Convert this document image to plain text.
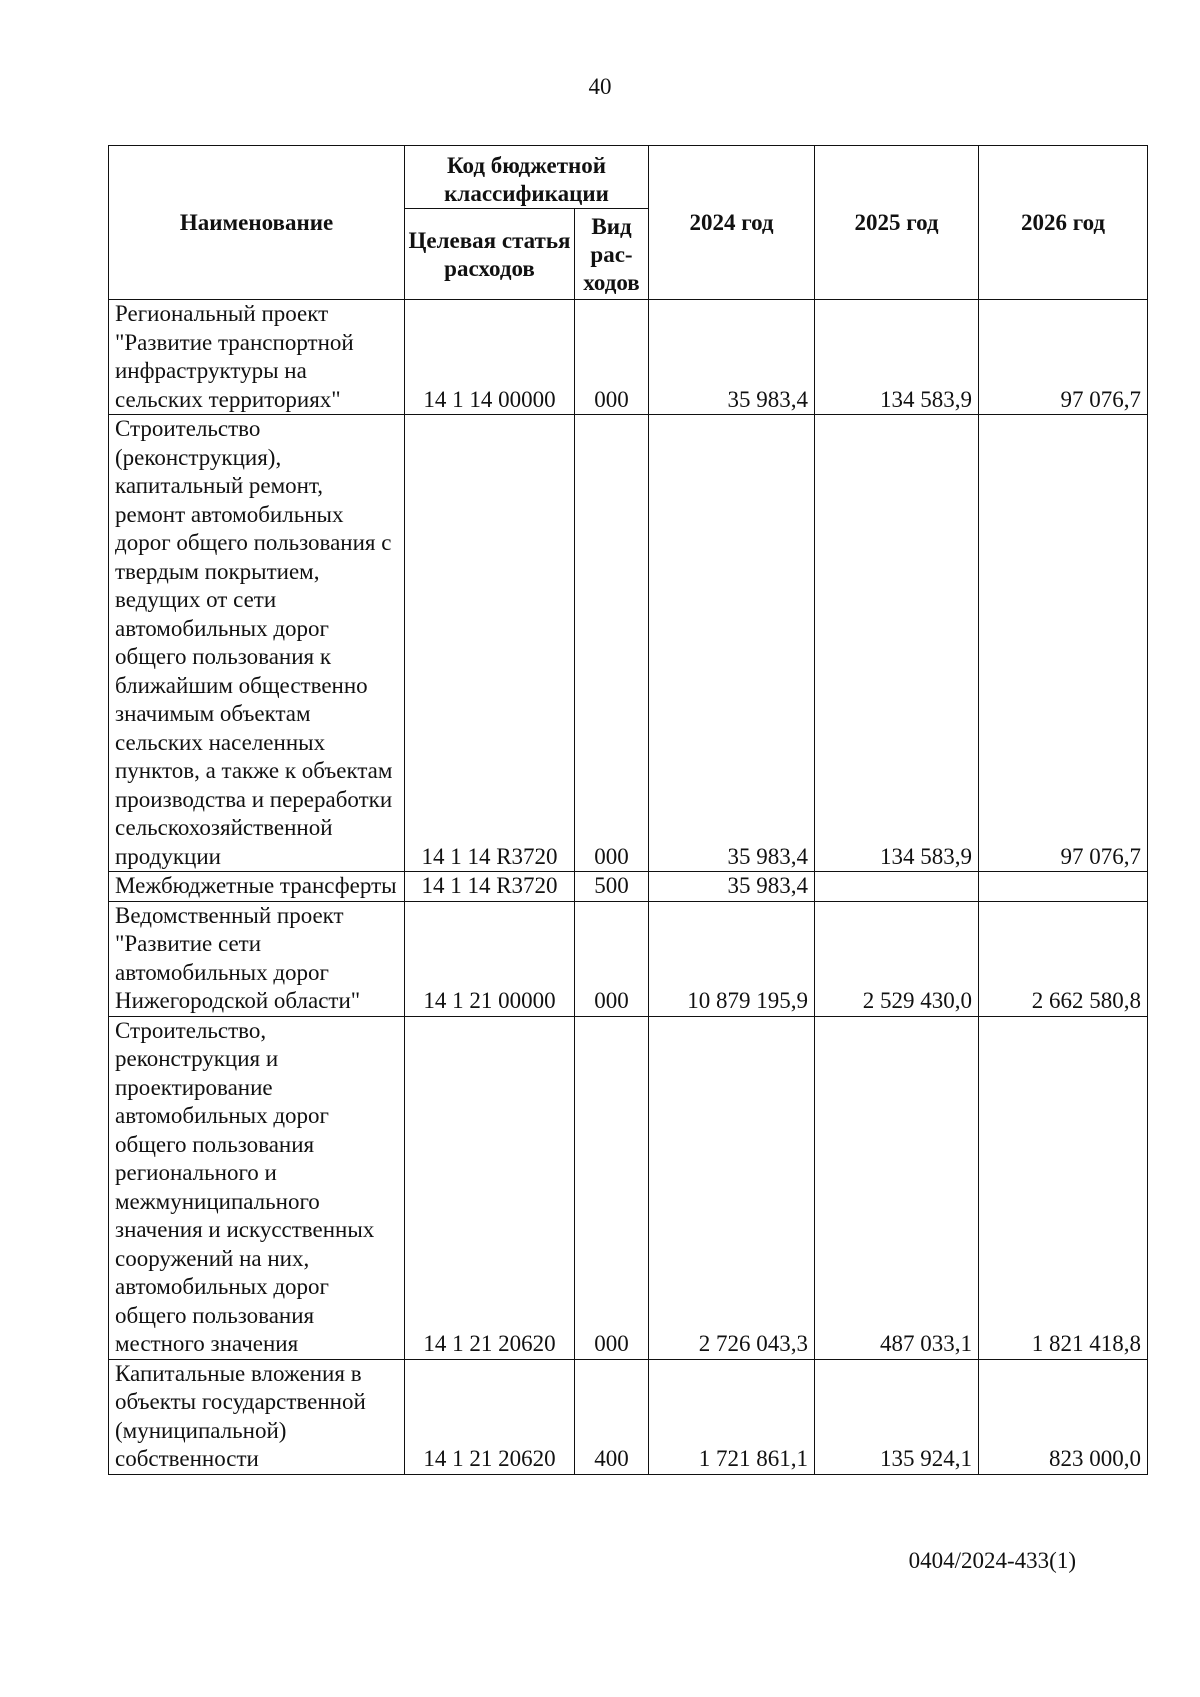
40
Наименование	Код бюджетной классификации		2024 год	2025 год	2026 год
	Целевая статья расходов	Вид рас-ходов			
Региональный проект "Развитие транспортной инфраструктуры на сельских территориях"	14 1 14 00000	000	35 983,4	134 583,9	97 076,7
Строительство (реконструкция), капитальный ремонт, ремонт автомобильных дорог общего пользования с твердым покрытием, ведущих от сети автомобильных дорог общего пользования к ближайшим общественно значимым объектам сельских населенных пунктов, а также к объектам производства и переработки сельскохозяйственной продукции	14 1 14 R3720	000	35 983,4	134 583,9	97 076,7
Межбюджетные трансферты	14 1 14 R3720	500	35 983,4		
Ведомственный проект "Развитие сети автомобильных дорог Нижегородской области"	14 1 21 00000	000	10 879 195,9	2 529 430,0	2 662 580,8
Строительство, реконструкция и проектирование автомобильных дорог общего пользования регионального и межмуниципального значения и искусственных сооружений на них, автомобильных дорог общего пользования местного значения	14 1 21 20620	000	2 726 043,3	487 033,1	1 821 418,8
Капитальные вложения в объекты государственной (муниципальной) собственности	14 1 21 20620	400	1 721 861,1	135 924,1	823 000,0
0404/2024-433(1)
